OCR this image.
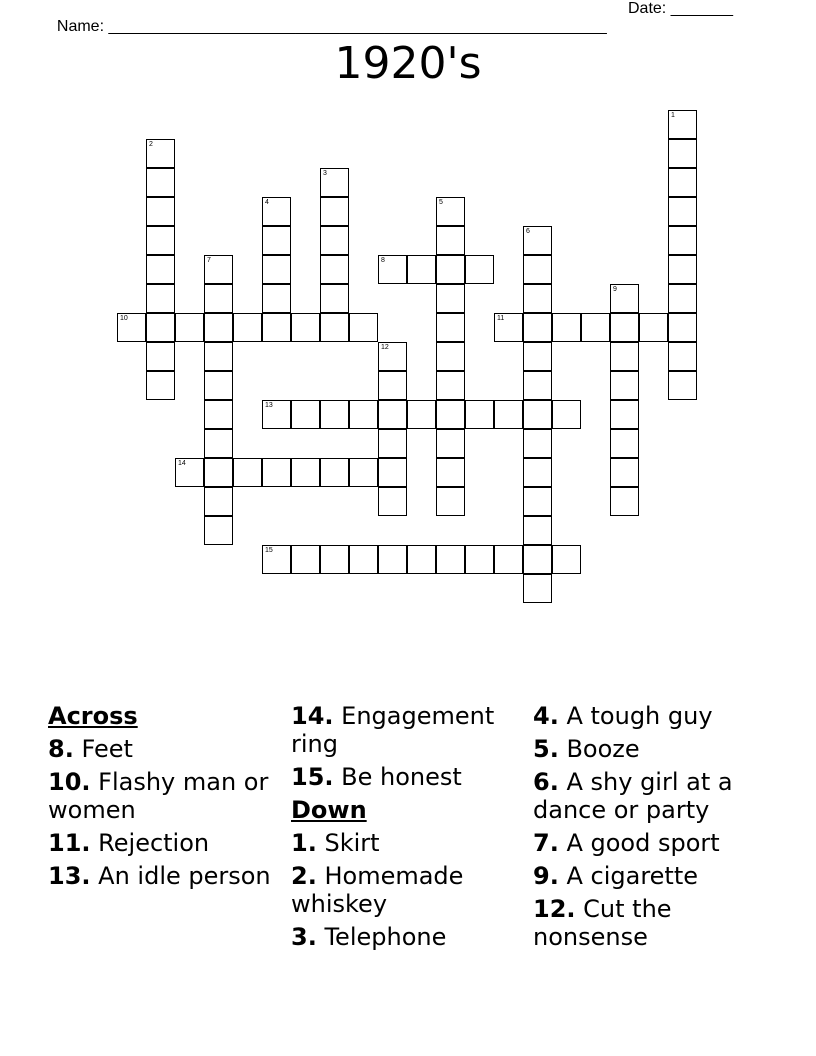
Name: ________________________________________________________

Date: _______

1920's
1
2
3
4	5
6
7	8
9
10	11
12
13
14
15
Across
8. Feet
10. Flashy man or women
11. Rejection
13. An idle person
14. Engagement ring
15. Be honest
Down
1. Skirt
2. Homemade whiskey
3. Telephone
4. A tough guy
5. Booze
6. A shy girl at a dance or party
7. A good sport
9. A cigarette
12. Cut the nonsense
